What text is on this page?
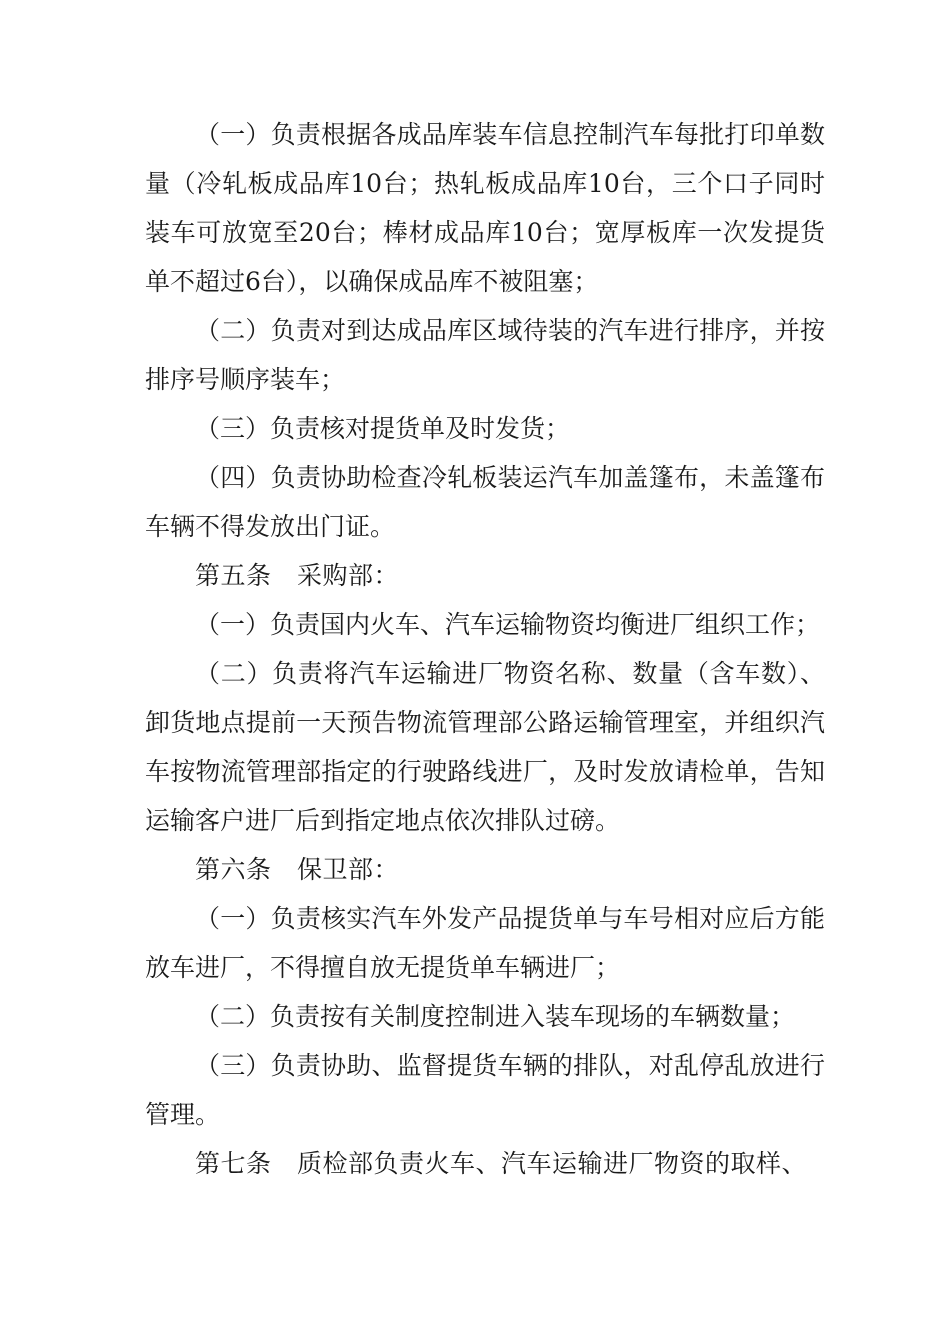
（一）负责根据各成品库装车信息控制汽车每批打印单数量（冷轧板成品库10台；热轧板成品库10台，三个口子同时装车可放宽至20台；棒材成品库10台；宽厚板库一次发提货单不超过6台），以确保成品库不被阻塞；

（二）负责对到达成品库区域待装的汽车进行排序，并按排序号顺序装车；

（三）负责核对提货单及时发货；

（四）负责协助检查冷轧板装运汽车加盖篷布，未盖篷布车辆不得发放出门证。

第五条　采购部：

（一）负责国内火车、汽车运输物资均衡进厂组织工作；

（二）负责将汽车运输进厂物资名称、数量（含车数）、卸货地点提前一天预告物流管理部公路运输管理室，并组织汽车按物流管理部指定的行驶路线进厂，及时发放请检单，告知运输客户进厂后到指定地点依次排队过磅。

第六条　保卫部：

（一）负责核实汽车外发产品提货单与车号相对应后方能放车进厂，不得擅自放无提货单车辆进厂；

（二）负责按有关制度控制进入装车现场的车辆数量；

（三）负责协助、监督提货车辆的排队，对乱停乱放进行管理。

第七条　质检部负责火车、汽车运输进厂物资的取样、
